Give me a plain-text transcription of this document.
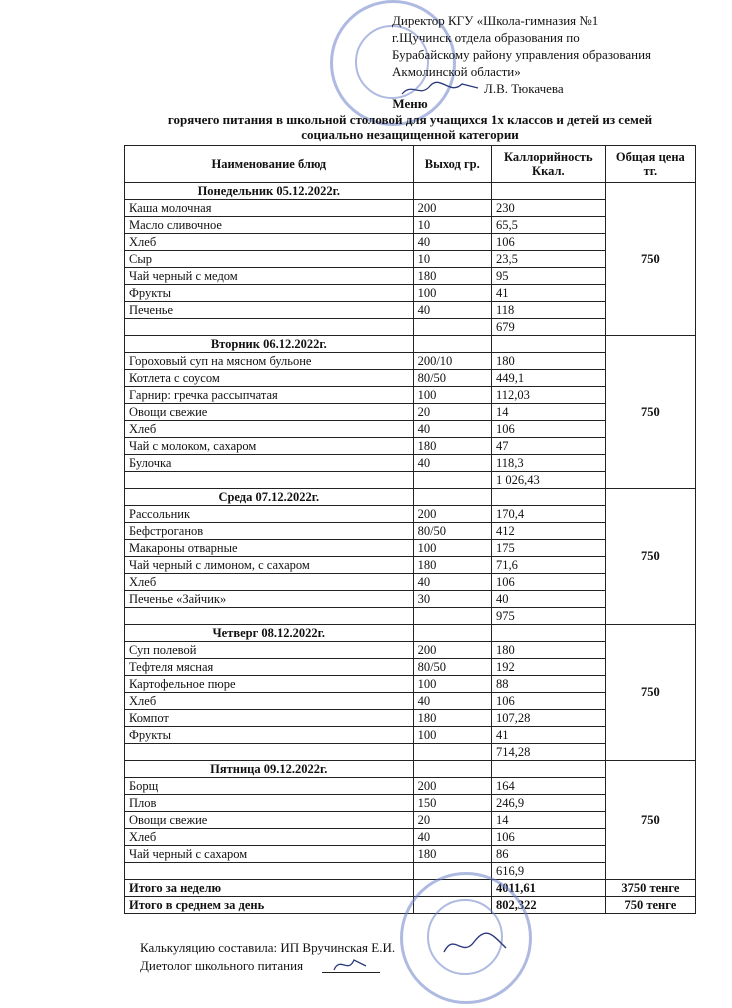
Директор КГУ «Школа-гимназия №1
г.Щучинск отдела образования по
Бурабайскому району управления образования
Акмолинской области»
Л.В. Тюкачева
Меню
горячего питания в школьной столовой для учащихся 1х классов и детей из семей
социально незащищенной категории
Наименование блюд	Выход гр.	Каллорийность Ккал.	Общая цена тг.
Понедельник 05.12.2022г.			750
Каша молочная	200	230	
Масло сливочное	10	65,5	
Хлеб	40	106	
Сыр	10	23,5	
Чай черный с медом	180	95	
Фрукты	100	41	
Печенье	40	118	
		679	
Вторник 06.12.2022г.			750
Гороховый суп на мясном бульоне	200/10	180	
Котлета с соусом	80/50	449,1	
Гарнир: гречка рассыпчатая	100	112,03	
Овощи свежие	20	14	
Хлеб	40	106	
Чай с молоком, сахаром	180	47	
Булочка	40	118,3	
		1 026,43	
Среда 07.12.2022г.			750
Рассольник	200	170,4	
Бефстроганов	80/50	412	
Макароны отварные	100	175	
Чай черный с лимоном, с сахаром	180	71,6	
Хлеб	40	106	
Печенье «Зайчик»	30	40	
		975	
Четверг 08.12.2022г.			750
Суп полевой	200	180	
Тефтеля мясная	80/50	192	
Картофельное пюре	100	88	
Хлеб	40	106	
Компот	180	107,28	
Фрукты	100	41	
		714,28	
Пятница 09.12.2022г.			750
Борщ	200	164	
Плов	150	246,9	
Овощи свежие	20	14	
Хлеб	40	106	
Чай черный с сахаром	180	86	
		616,9	
Итого за неделю		4011,61	3750 тенге
Итого в среднем за день		802,322	750 тенге
Калькуляцию составила: ИП Вручинская Е.И.
Диетолог школьного питания
